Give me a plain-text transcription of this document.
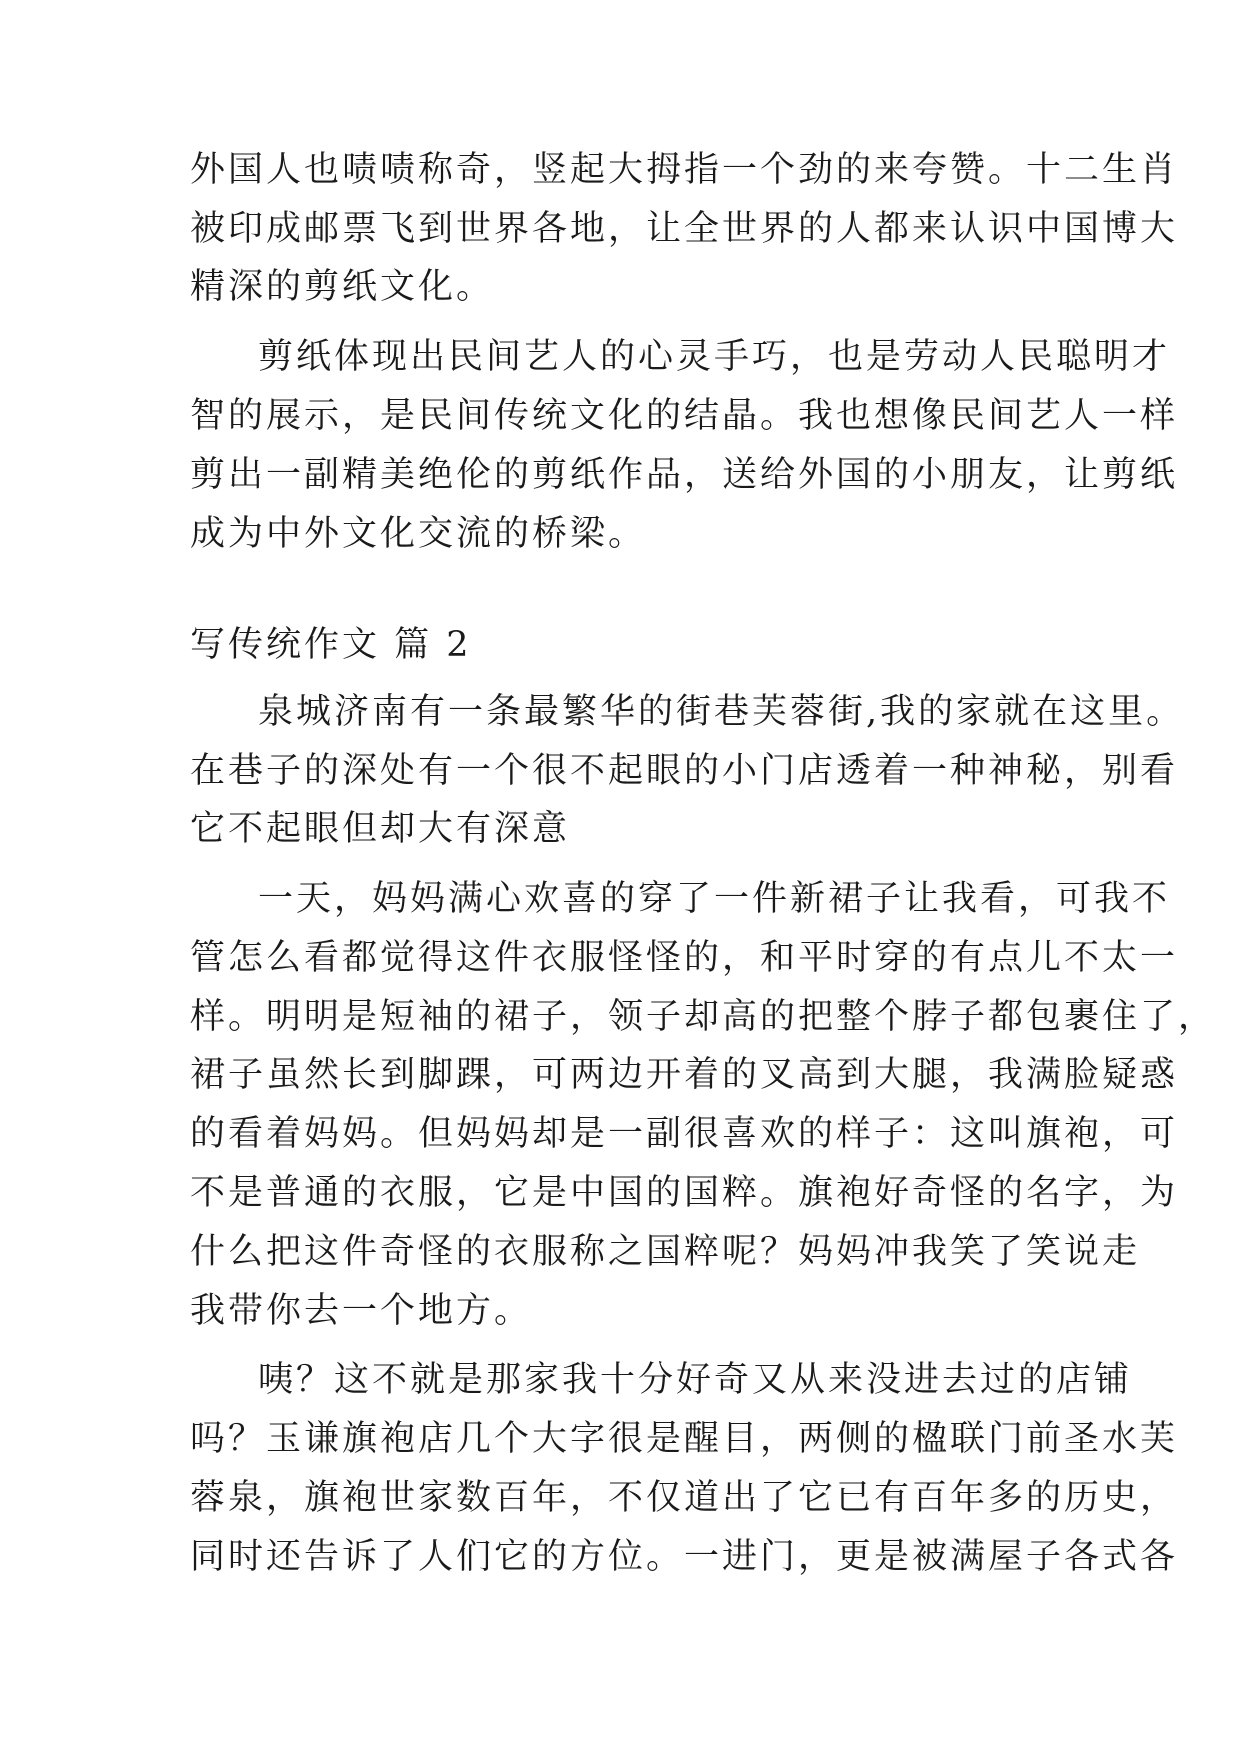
外国人也啧啧称奇，竖起大拇指一个劲的来夸赞。十二生肖
被印成邮票飞到世界各地，让全世界的人都来认识中国博大
精深的剪纸文化。
剪纸体现出民间艺人的心灵手巧，也是劳动人民聪明才
智的展示，是民间传统文化的结晶。我也想像民间艺人一样
剪出一副精美绝伦的剪纸作品，送给外国的小朋友，让剪纸
成为中外文化交流的桥梁。
写传统作文 篇 2
泉城济南有一条最繁华的街巷芙蓉街,我的家就在这里。
在巷子的深处有一个很不起眼的小门店透着一种神秘，别看
它不起眼但却大有深意
一天，妈妈满心欢喜的穿了一件新裙子让我看，可我不
管怎么看都觉得这件衣服怪怪的，和平时穿的有点儿不太一
样。明明是短袖的裙子，领子却高的把整个脖子都包裹住了，
裙子虽然长到脚踝，可两边开着的叉高到大腿，我满脸疑惑
的看着妈妈。但妈妈却是一副很喜欢的样子：这叫旗袍，可
不是普通的衣服，它是中国的国粹。旗袍好奇怪的名字，为
什么把这件奇怪的衣服称之国粹呢？妈妈冲我笑了笑说走
我带你去一个地方。
咦？这不就是那家我十分好奇又从来没进去过的店铺
吗？玉谦旗袍店几个大字很是醒目，两侧的楹联门前圣水芙
蓉泉，旗袍世家数百年，不仅道出了它已有百年多的历史，
同时还告诉了人们它的方位。一进门，更是被满屋子各式各
